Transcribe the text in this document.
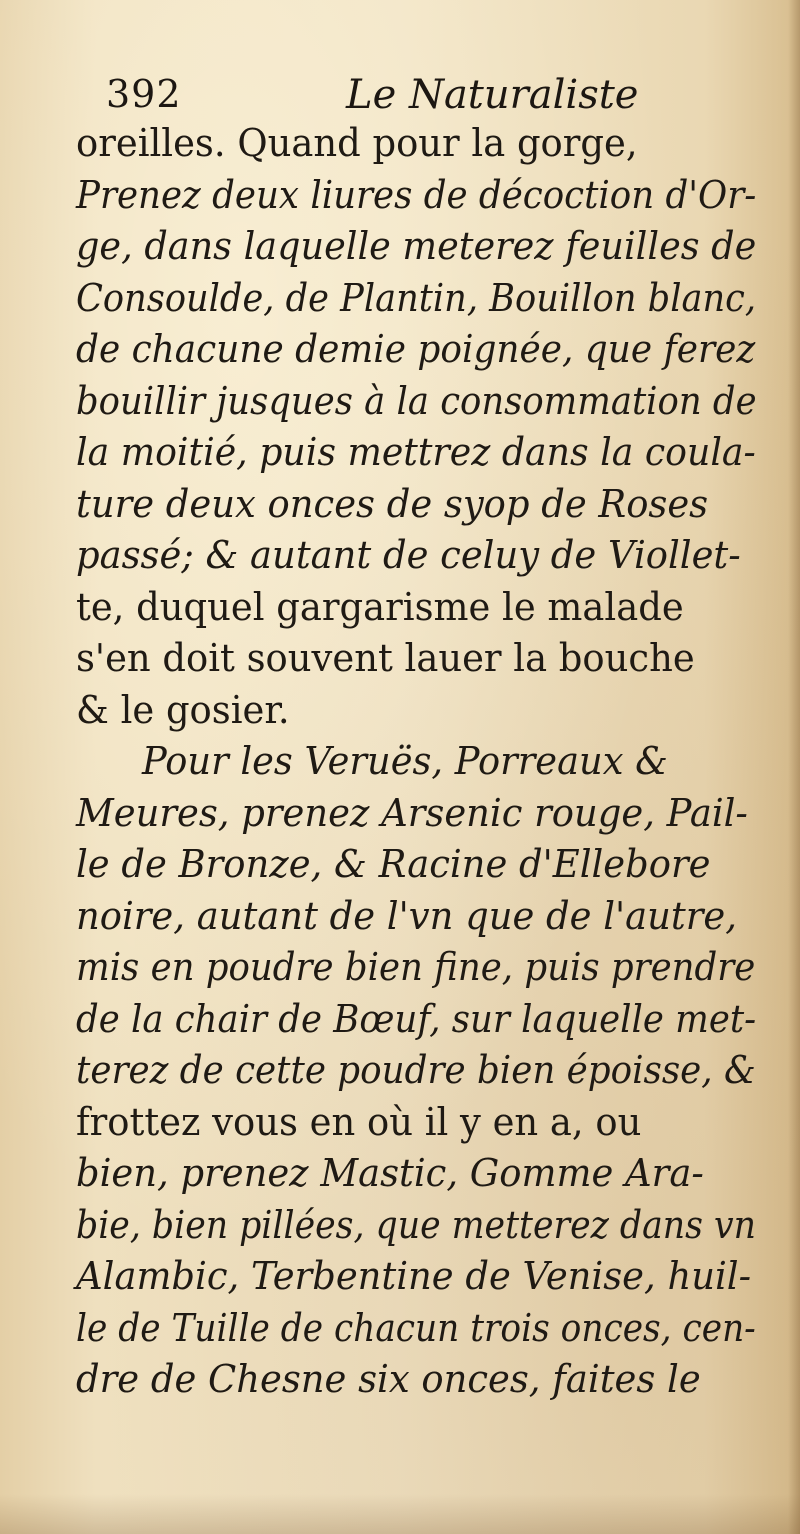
392	Le Naturaliste
oreilles. Quand pour la gorge,
Prenez deux liures de décoction d'Or-
ge, dans laquelle meterez feuilles de
Consoulde, de Plantin, Bouillon blanc,
de chacune demie poignée, que ferez
bouillir jusques à la consommation de
la moitié, puis mettrez dans la coula-
ture deux onces de syop de Roses
passé; & autant de celuy de Viollet-
te, duquel gargarisme le malade
s'en doit souvent lauer la bouche
& le gosier.
Pour les Veruës, Porreaux &
Meures, prenez Arsenic rouge, Pail-
le de Bronze, & Racine d'Ellebore
noire, autant de l'vn que de l'autre,
mis en poudre bien fine, puis prendre
de la chair de Bœuf, sur laquelle met-
terez de cette poudre bien époisse, &
frottez vous en où il y en a, ou
bien, prenez Mastic, Gomme Ara-
bie, bien pillées, que metterez dans vn
Alambic, Terbentine de Venise, huil-
le de Tuille de chacun trois onces, cen-
dre de Chesne six onces, faites le
